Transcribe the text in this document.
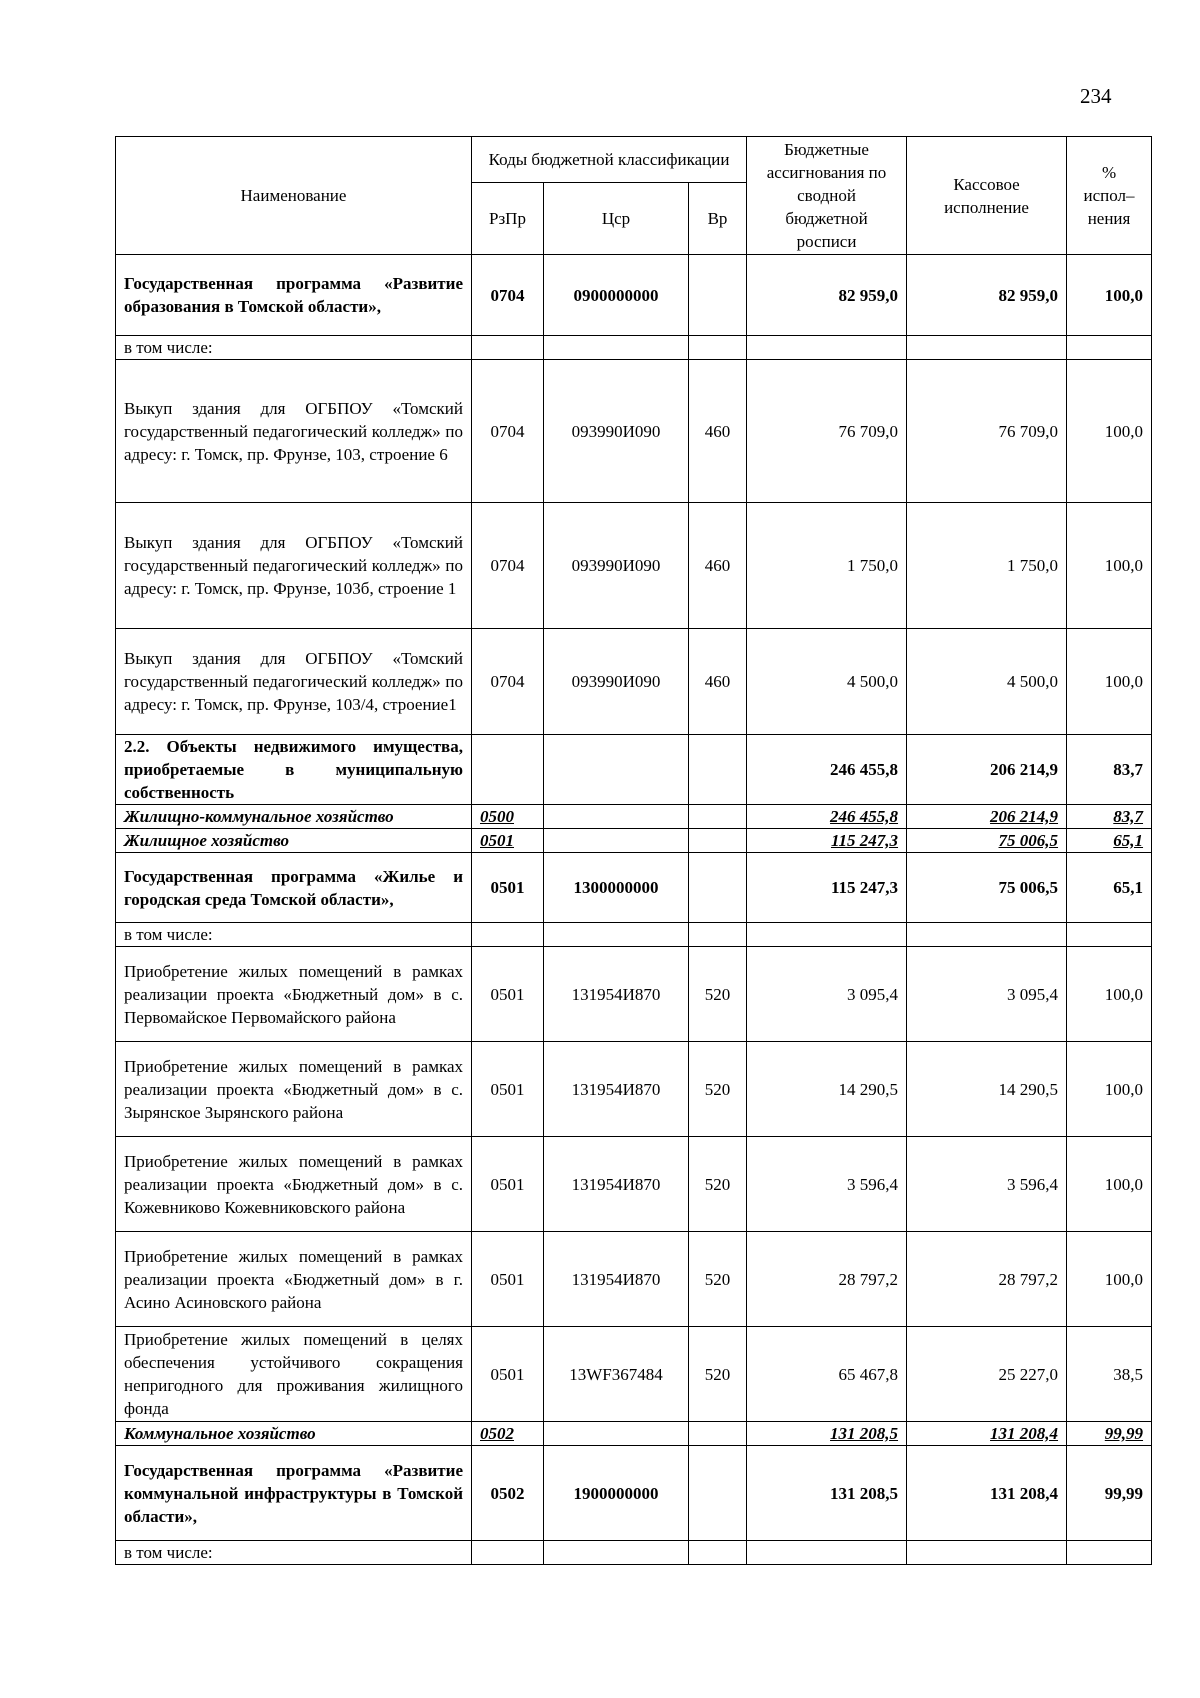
234
Наименование	Коды бюджетной классификации			Бюджетные ассигнования по сводной бюджетной росписи	Кассовое исполнение	% испол–нения
	РзПр	Цср	Вр			
Государственная программа «Развитие образования в Томской области»,	0704	0900000000		82 959,0	82 959,0	100,0
в том числе:						
Выкуп здания для ОГБПОУ «Томский государственный педагогический колледж» по адресу: г. Томск, пр. Фрунзе, 103, строение 6	0704	093990И090	460	76 709,0	76 709,0	100,0
Выкуп здания для ОГБПОУ «Томский государственный педагогический колледж» по адресу: г. Томск, пр. Фрунзе, 103б, строение 1	0704	093990И090	460	1 750,0	1 750,0	100,0
Выкуп здания для ОГБПОУ «Томский государственный педагогический колледж» по адресу: г. Томск, пр. Фрунзе, 103/4, строение1	0704	093990И090	460	4 500,0	4 500,0	100,0
2.2. Объекты недвижимого имущества, приобретаемые в муниципальную собственность				246 455,8	206 214,9	83,7
Жилищно-коммунальное хозяйство	0500			246 455,8	206 214,9	83,7
Жилищное хозяйство	0501			115 247,3	75 006,5	65,1
Государственная программа «Жилье и городская среда Томской области»,	0501	1300000000		115 247,3	75 006,5	65,1
в том числе:						
Приобретение жилых помещений в рамках реализации проекта «Бюджетный дом» в с. Первомайское Первомайского района	0501	131954И870	520	3 095,4	3 095,4	100,0
Приобретение жилых помещений в рамках реализации проекта «Бюджетный дом» в с. Зырянское Зырянского района	0501	131954И870	520	14 290,5	14 290,5	100,0
Приобретение жилых помещений в рамках реализации проекта «Бюджетный дом» в с. Кожевниково Кожевниковского района	0501	131954И870	520	3 596,4	3 596,4	100,0
Приобретение жилых помещений в рамках реализации проекта «Бюджетный дом» в г. Асино Асиновского района	0501	131954И870	520	28 797,2	28 797,2	100,0
Приобретение жилых помещений в целях обеспечения устойчивого сокращения непригодного для проживания жилищного фонда	0501	13WF367484	520	65 467,8	25 227,0	38,5
Коммунальное хозяйство	0502			131 208,5	131 208,4	99,99
Государственная программа «Развитие коммунальной инфраструктуры в Томской области»,	0502	1900000000		131 208,5	131 208,4	99,99
в том числе:						
